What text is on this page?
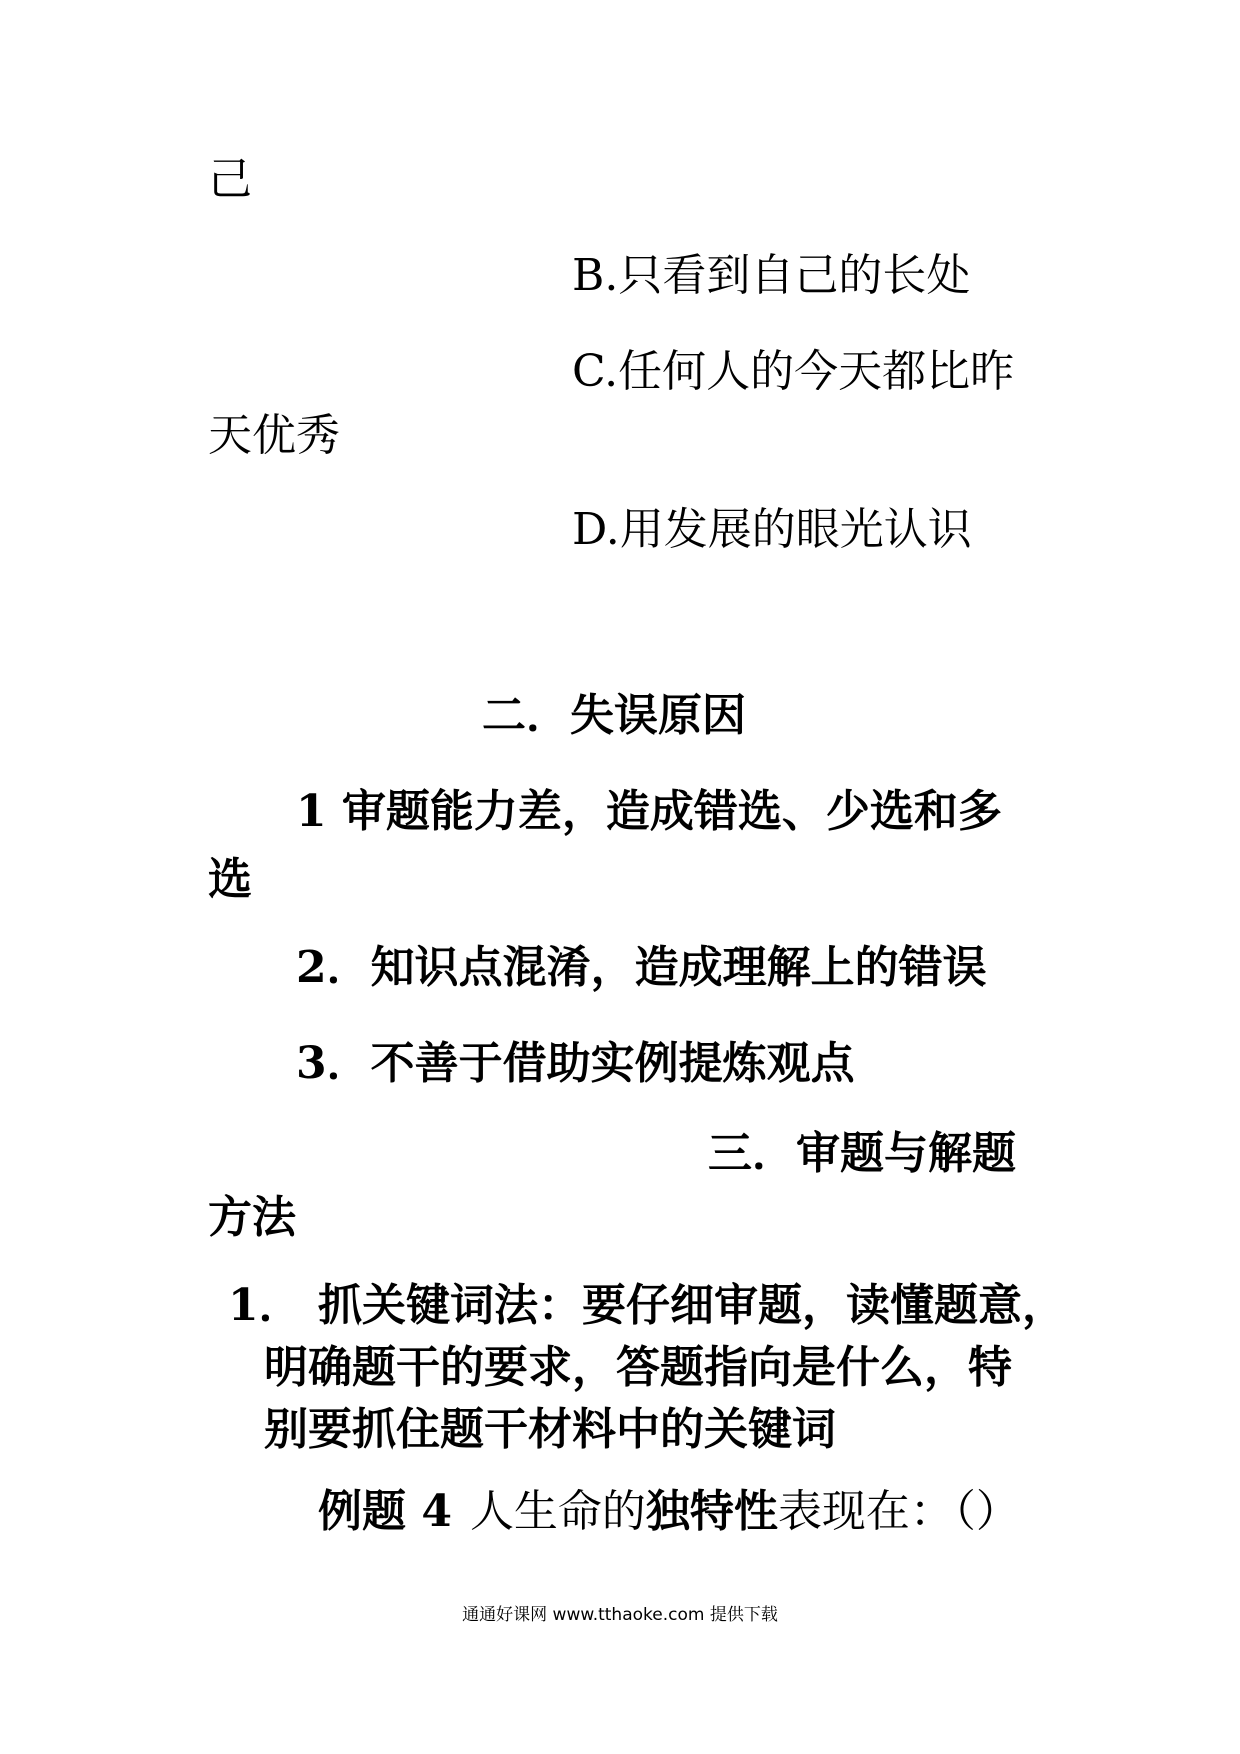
己
B.只看到自己的长处
C.任何人的今天都比昨
天优秀
D.用发展的眼光认识
二．失误原因
1 审题能力差，造成错选、少选和多
选
2．知识点混淆，造成理解上的错误
3．不善于借助实例提炼观点
三．审题与解题
方法
1． 抓关键词法：要仔细审题，读懂题意，
明确题干的要求，答题指向是什么，特
别要抓住题干材料中的关键词
例题 4 人生命的独特性表现在：（）
通通好课网 www.tthaoke.com 提供下载
